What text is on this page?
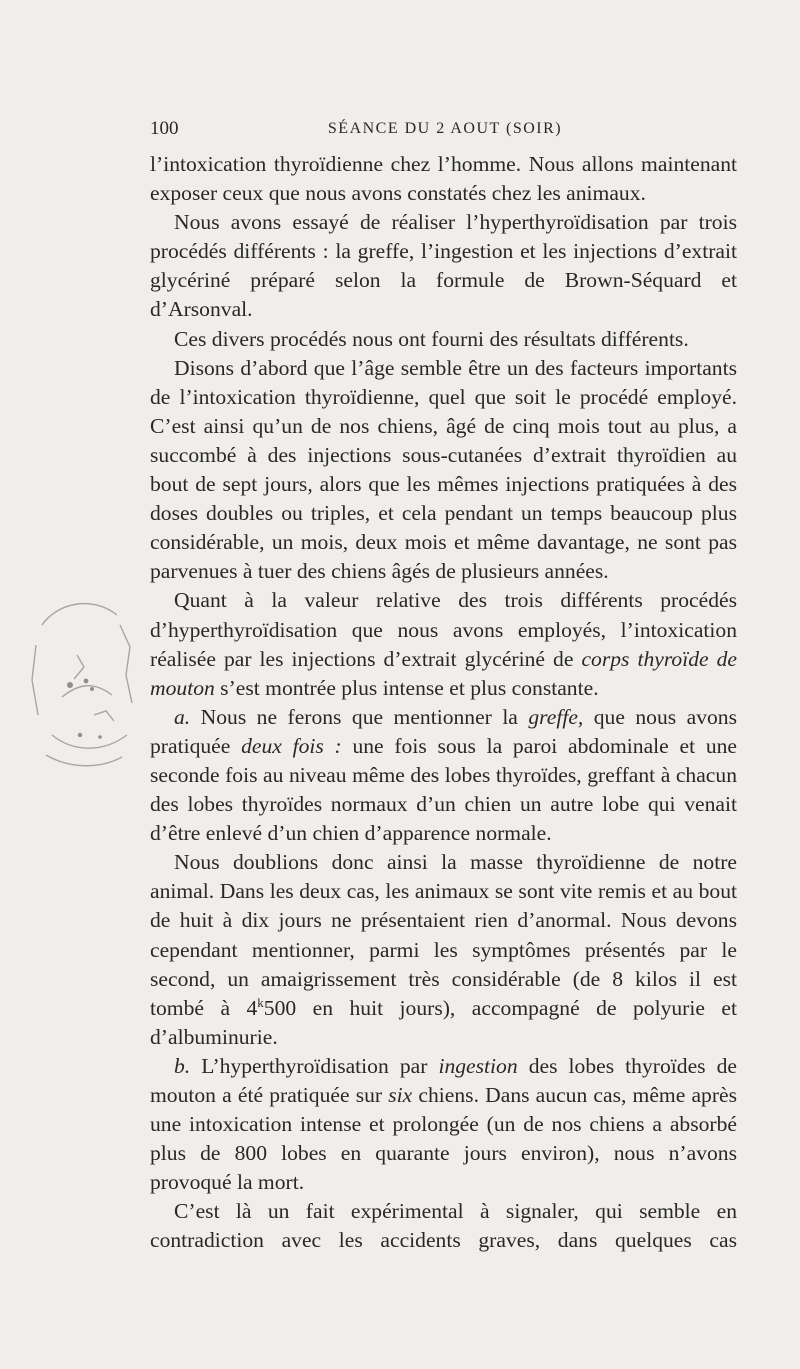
100	SÉANCE DU 2 AOUT (SOIR)

l’intoxication thyroïdienne chez l’homme. Nous allons maintenant exposer ceux que nous avons constatés chez les animaux.

Nous avons essayé de réaliser l’hyperthyroïdisation par trois procédés différents : la greffe, l’ingestion et les injections d’extrait glycériné préparé selon la formule de Brown-Séquard et d’Arsonval.

Ces divers procédés nous ont fourni des résultats différents.

Disons d’abord que l’âge semble être un des facteurs importants de l’intoxication thyroïdienne, quel que soit le procédé employé. C’est ainsi qu’un de nos chiens, âgé de cinq mois tout au plus, a succombé à des injections sous-cutanées d’extrait thyroïdien au bout de sept jours, alors que les mêmes injections pratiquées à des doses doubles ou triples, et cela pendant un temps beaucoup plus considérable, un mois, deux mois et même davantage, ne sont pas parvenues à tuer des chiens âgés de plusieurs années.

Quant à la valeur relative des trois différents procédés d’hyperthyroïdisation que nous avons employés, l’intoxication réalisée par les injections d’extrait glycériné de corps thyroïde de mouton s’est montrée plus intense et plus constante.

a. Nous ne ferons que mentionner la greffe, que nous avons pratiquée deux fois : une fois sous la paroi abdominale et une seconde fois au niveau même des lobes thyroïdes, greffant à chacun des lobes thyroïdes normaux d’un chien un autre lobe qui venait d’être enlevé d’un chien d’apparence normale.

Nous doublions donc ainsi la masse thyroïdienne de notre animal. Dans les deux cas, les animaux se sont vite remis et au bout de huit à dix jours ne présentaient rien d’anormal. Nous devons cependant mentionner, parmi les symptômes présentés par le second, un amaigrissement très considérable (de 8 kilos il est tombé à 4$^k$500 en huit jours), accompagné de polyurie et d’albuminurie.

b. L’hyperthyroïdisation par ingestion des lobes thyroïdes de mouton a été pratiquée sur six chiens. Dans aucun cas, même après une intoxication intense et prolongée (un de nos chiens a absorbé plus de 800 lobes en quarante jours environ), nous n’avons provoqué la mort.

C’est là un fait expérimental à signaler, qui semble en contradiction avec les accidents graves, dans quelques cas
